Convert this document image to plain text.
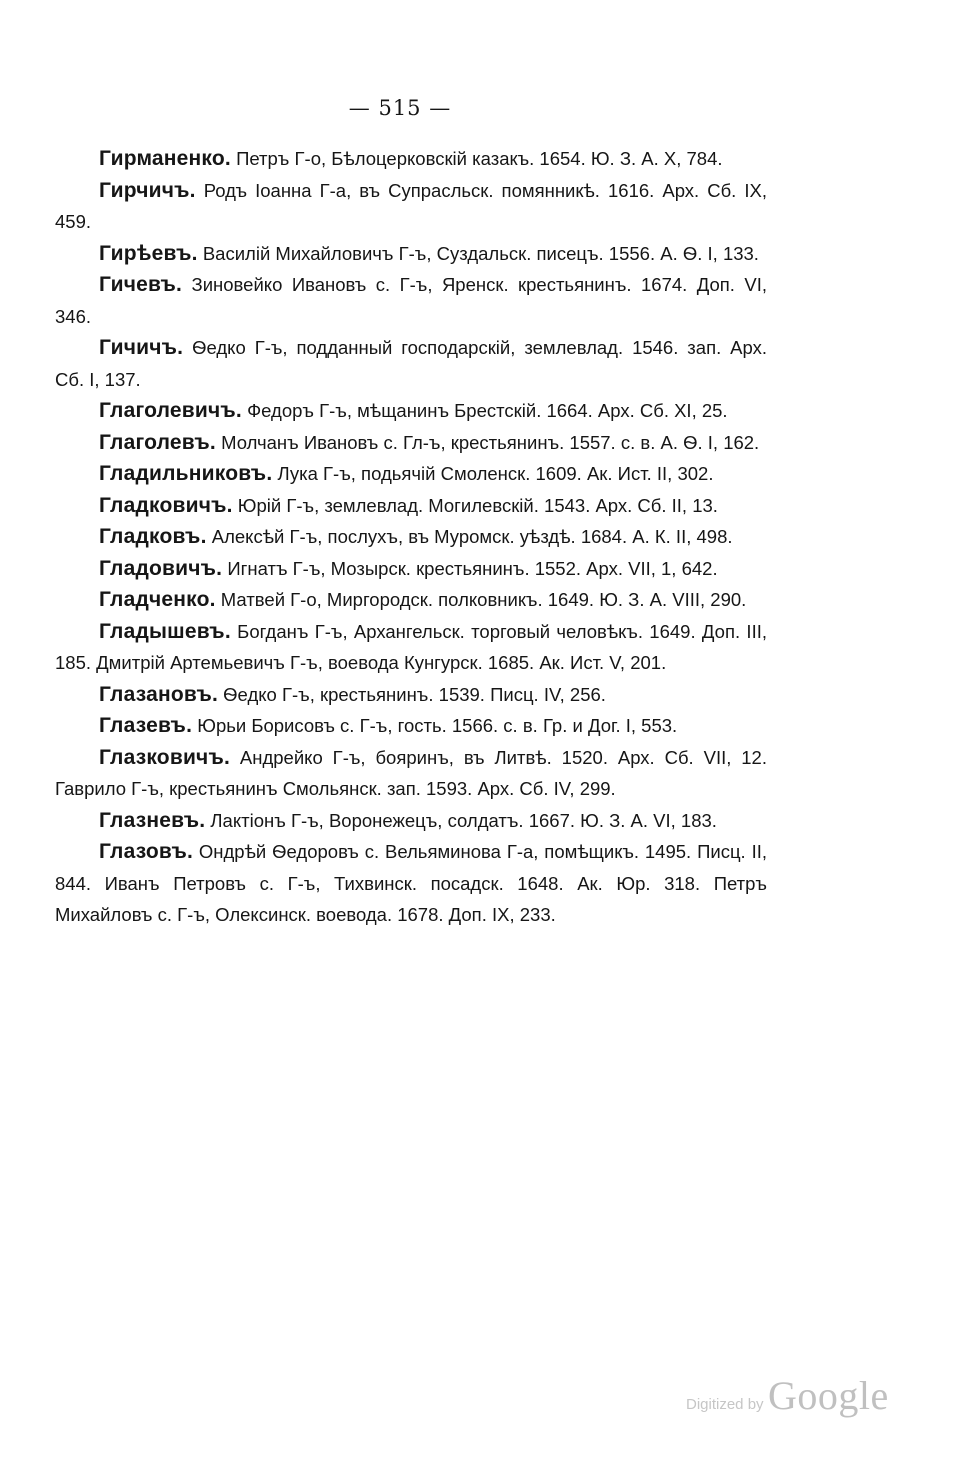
— 515 —

Гирманенко. Петръ Г-о, Бѣлоцерковскій казакъ. 1654. Ю. З. А. X, 784.

Гирчичъ. Родъ Іоанна Г-а, въ Супрасльск. помянникѣ. 1616. Арх. Сб. IX, 459.

Гирѣевъ. Василій Михайловичъ Г-ъ, Суздальск. писецъ. 1556. А. Ѳ. I, 133.

Гичевъ. Зиновейко Ивановъ с. Г-ъ, Яренск. крестьянинъ. 1674. Доп. VI, 346.

Гичичъ. Ѳедко Г-ъ, подданный господарскій, землевлад. 1546. зап. Арх. Сб. I, 137.

Глаголевичъ. Федоръ Г-ъ, мѣщанинъ Брестскій. 1664. Арх. Сб. XI, 25.

Глаголевъ. Молчанъ Ивановъ с. Гл-ъ, крестьянинъ. 1557. с. в. А. Ѳ. I, 162.

Гладильниковъ. Лука Г-ъ, подьячій Смоленск. 1609. Ак. Ист. II, 302.

Гладковичъ. Юрій Г-ъ, землевлад. Могилевскій. 1543. Арх. Сб. II, 13.

Гладковъ. Алексѣй Г-ъ, послухъ, въ Муромск. уѣздѣ. 1684. А. К. II, 498.

Гладовичъ. Игнатъ Г-ъ, Мозырск. крестьянинъ. 1552. Арх. VII, 1, 642.

Гладченко. Матвей Г-о, Миргородск. полковникъ. 1649. Ю. З. А. VIII, 290.

Гладышевъ. Богданъ Г-ъ, Архангельск. торговый человѣкъ. 1649. Доп. III, 185. Дмитрій Артемьевичъ Г-ъ, воевода Кунгурск. 1685. Ак. Ист. V, 201.

Глазановъ. Ѳедко Г-ъ, крестьянинъ. 1539. Писц. IV, 256.

Глазевъ. Юрьи Борисовъ с. Г-ъ, гость. 1566. с. в. Гр. и Дог. I, 553.

Глазковичъ. Андрейко Г-ъ, бояринъ, въ Литвѣ. 1520. Арх. Сб. VII, 12. Гаврило Г-ъ, крестьянинъ Смольянск. зап. 1593. Арх. Сб. IV, 299.

Глазневъ. Лактіонъ Г-ъ, Воронежецъ, солдатъ. 1667. Ю. З. А. VI, 183.

Глазовъ. Ондрѣй Ѳедоровъ с. Вельяминова Г-а, помѣщикъ. 1495. Писц. II, 844. Иванъ Петровъ с. Г-ъ, Тихвинск. посадск. 1648. Ак. Юр. 318. Петръ Михайловъ с. Г-ъ, Олексинск. воевода. 1678. Доп. IX, 233.

Digitized by Google
